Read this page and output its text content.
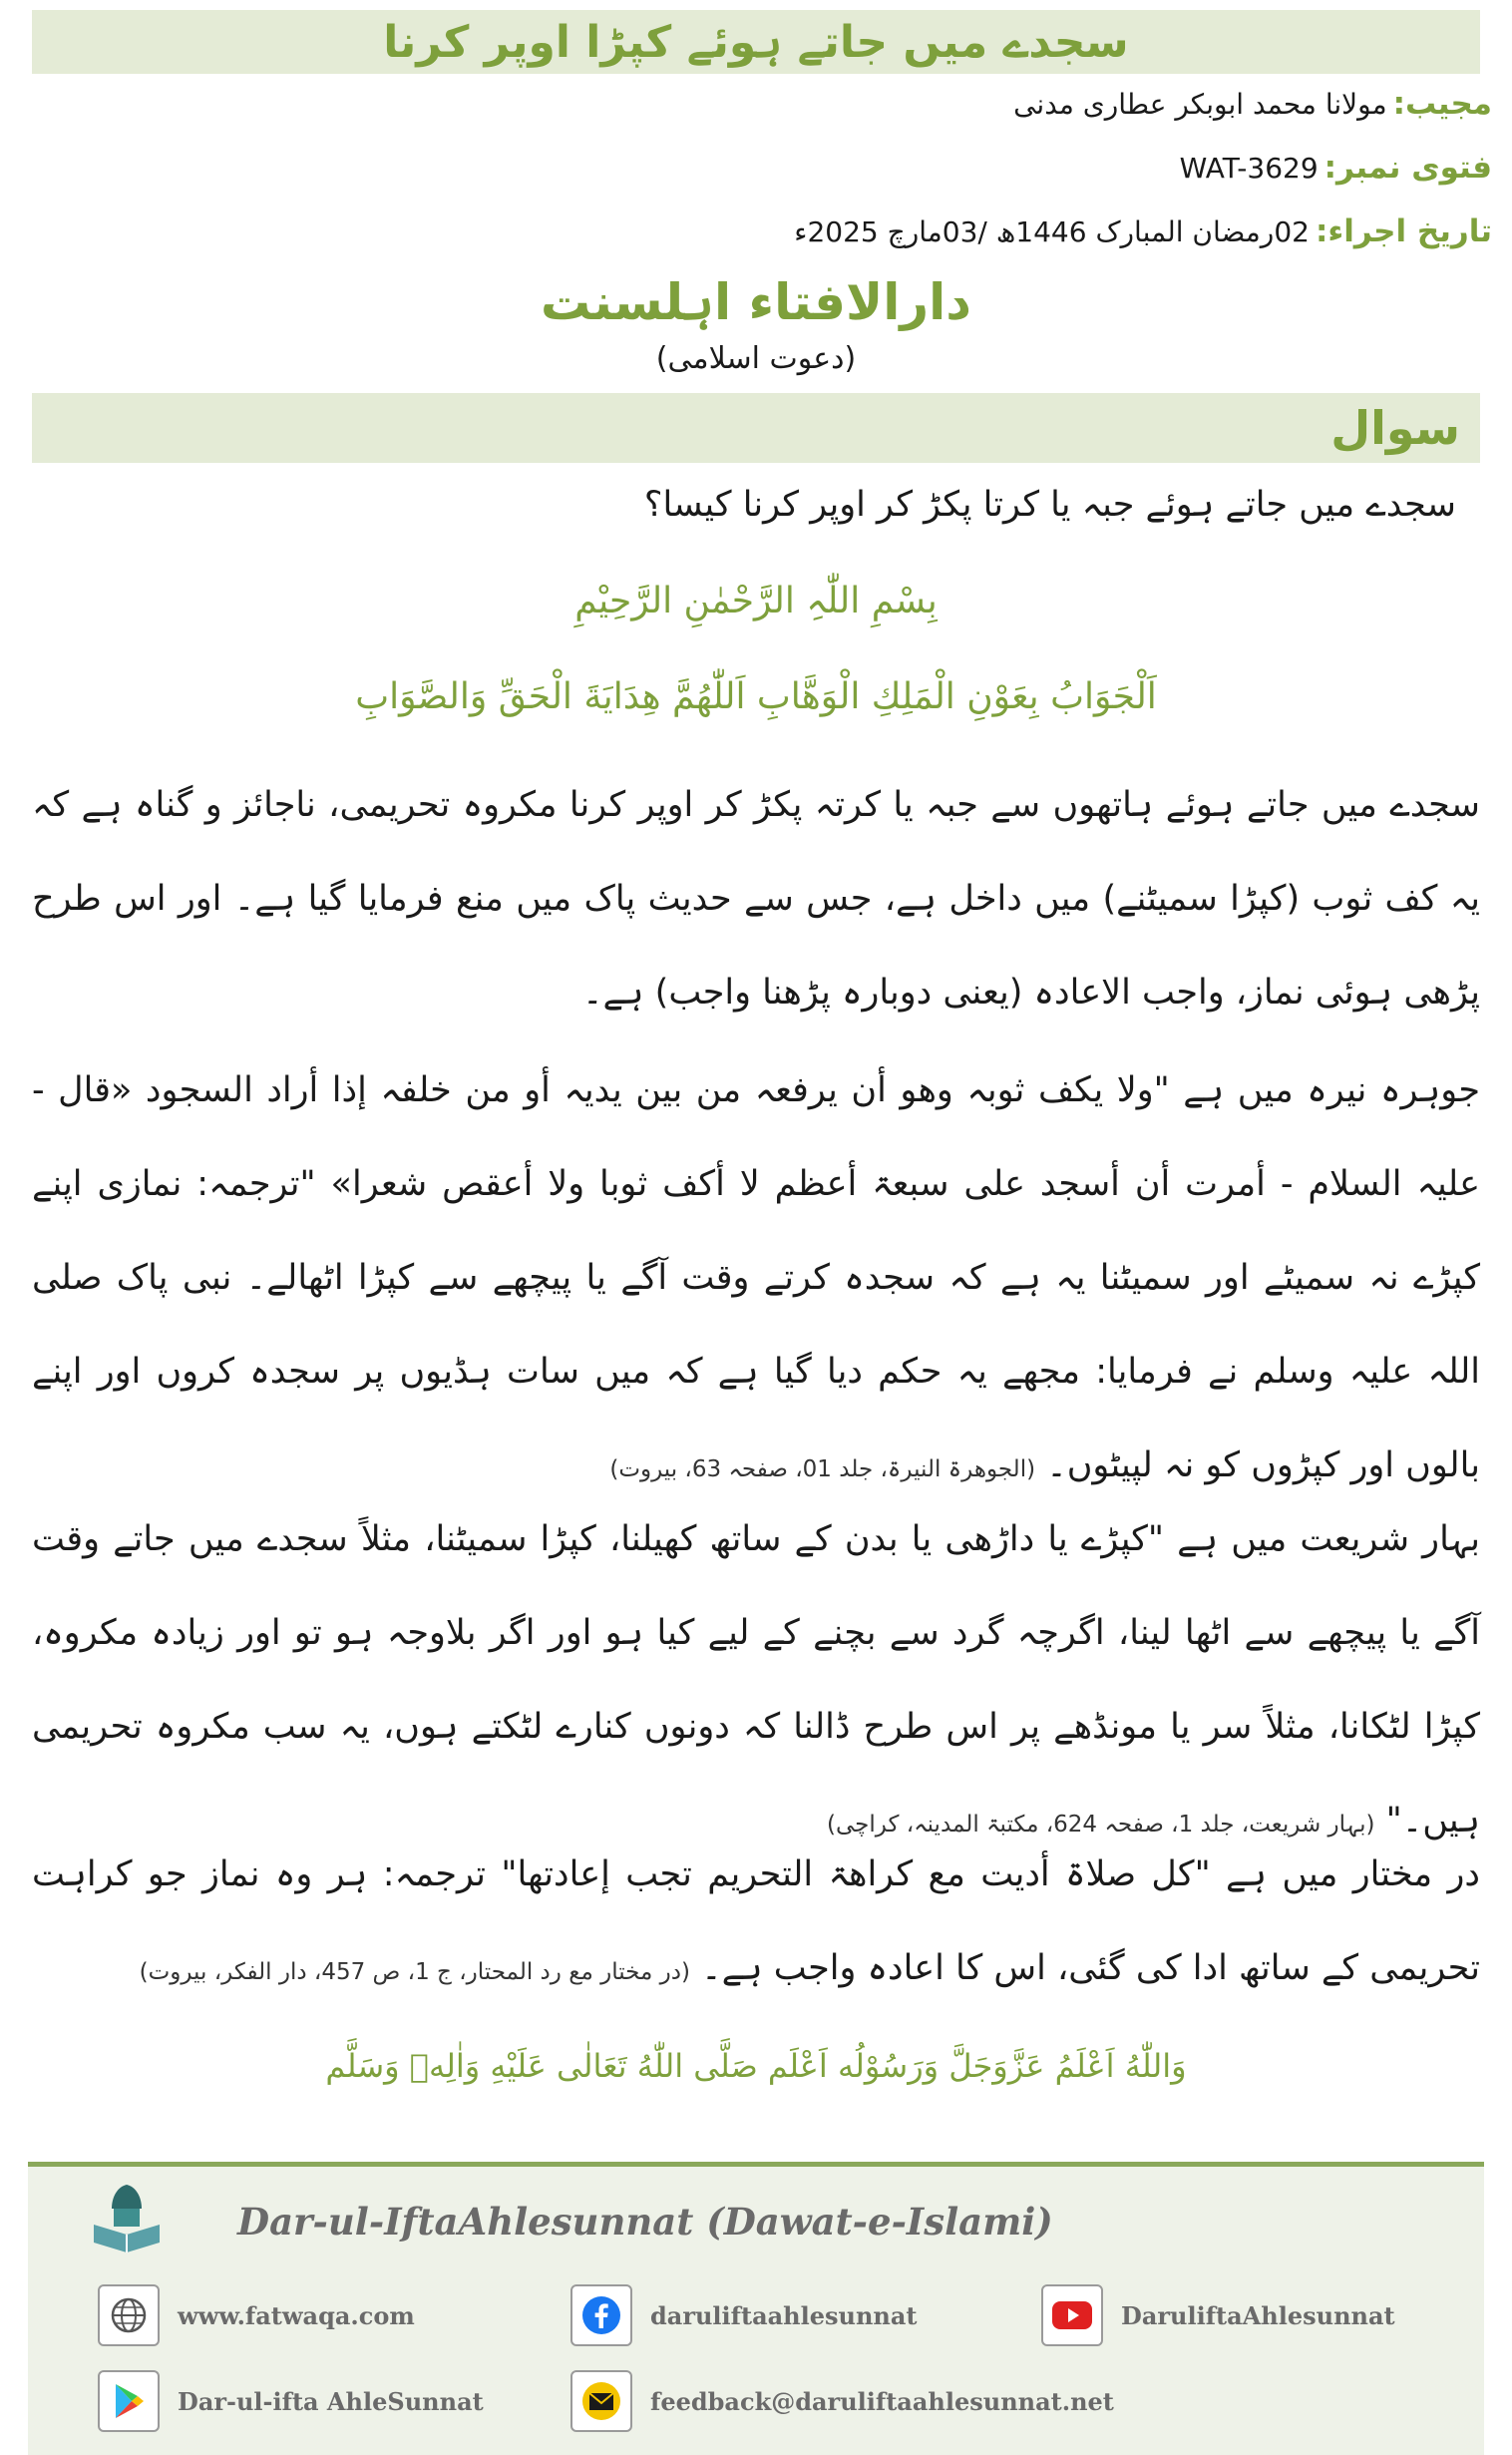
سجدے میں جاتے ہوئے کپڑا اوپر کرنا
مجیب:
مولانا محمد ابوبکر عطاری مدنی
فتوی نمبر:
WAT-3629
تاریخ اجراء:
02رمضان المبارک 1446ھ /03مارچ 2025ء
دارالافتاء اہلسنت
(دعوت اسلامی)
سوال
سجدے میں جاتے ہوئے جبہ یا کرتا پکڑ کر اوپر کرنا کیسا؟
بِسْمِ اللّٰہِ الرَّحْمٰنِ الرَّحِیْمِ
اَلْجَوَابُ بِعَوْنِ الْمَلِكِ الْوَهَّابِ اَللّٰهُمَّ هِدَايَةَ الْحَقِّ وَالصَّوَابِ
سجدے میں جاتے ہوئے ہاتھوں سے جبہ یا کرتہ پکڑ کر اوپر کرنا مکروہ تحریمی، ناجائز و گناہ ہے کہ یہ کف ثوب (کپڑا سمیٹنے) میں داخل ہے، جس سے حدیث پاک میں منع فرمایا گیا ہے۔ اور اس طرح پڑھی ہوئی نماز، واجب الاعادہ (یعنی دوبارہ پڑھنا واجب) ہے۔
جوہرہ نیرہ میں ہے "ولا یکف ثوبہ وھو أن یرفعہ من بین یدیہ أو من خلفہ إذا أراد السجود «قال - علیہ السلام - أمرت أن أسجد علی سبعۃ أعظم لا أکف ثوبا ولا أعقص شعرا» "ترجمہ: نمازی اپنے کپڑے نہ سمیٹے اور سمیٹنا یہ ہے کہ سجدہ کرتے وقت آگے یا پیچھے سے کپڑا اٹھالے۔ نبی پاک صلی اللہ علیہ وسلم نے فرمایا: مجھے یہ حکم دیا گیا ہے کہ میں سات ہڈیوں پر سجدہ کروں اور اپنے بالوں اور کپڑوں کو نہ لپیٹوں۔ (الجوھرۃ النیرۃ، جلد 01، صفحہ 63، بیروت)
بہار شریعت میں ہے "کپڑے یا داڑھی یا بدن کے ساتھ کھیلنا، کپڑا سمیٹنا، مثلاً سجدے میں جاتے وقت آگے یا پیچھے سے اٹھا لینا، اگرچہ گرد سے بچنے کے لیے کیا ہو اور اگر بلاوجہ ہو تو اور زیادہ مکروہ، کپڑا لٹکانا، مثلاً سر یا مونڈھے پر اس طرح ڈالنا کہ دونوں کنارے لٹکتے ہوں، یہ سب مکروہ تحریمی ہیں۔" (بہار شریعت، جلد 1، صفحہ 624، مکتبۃ المدینہ، کراچی)
در مختار میں ہے "کل صلاۃ أدیت مع کراھۃ التحریم تجب إعادتھا" ترجمہ: ہر وہ نماز جو کراہت تحریمی کے ساتھ ادا کی گئی، اس کا اعادہ واجب ہے۔ (در مختار مع رد المحتار، ج 1، ص 457، دار الفکر، بیروت)
وَاللّٰهُ اَعْلَمُ عَزَّوَجَلَّ وَرَسُوْلُه اَعْلَم صَلَّى اللّٰهُ تَعَالٰی عَلَيْهِ وَاٰلِهٖ وَسَلَّم
Dar-ul-IftaAhlesunnat (Dawat-e-Islami)
www.fatwaqa.com	daruliftaahlesunnat	DaruliftaAhlesunnat
Dar-ul-ifta AhleSunnat	feedback@daruliftaahlesunnat.net
